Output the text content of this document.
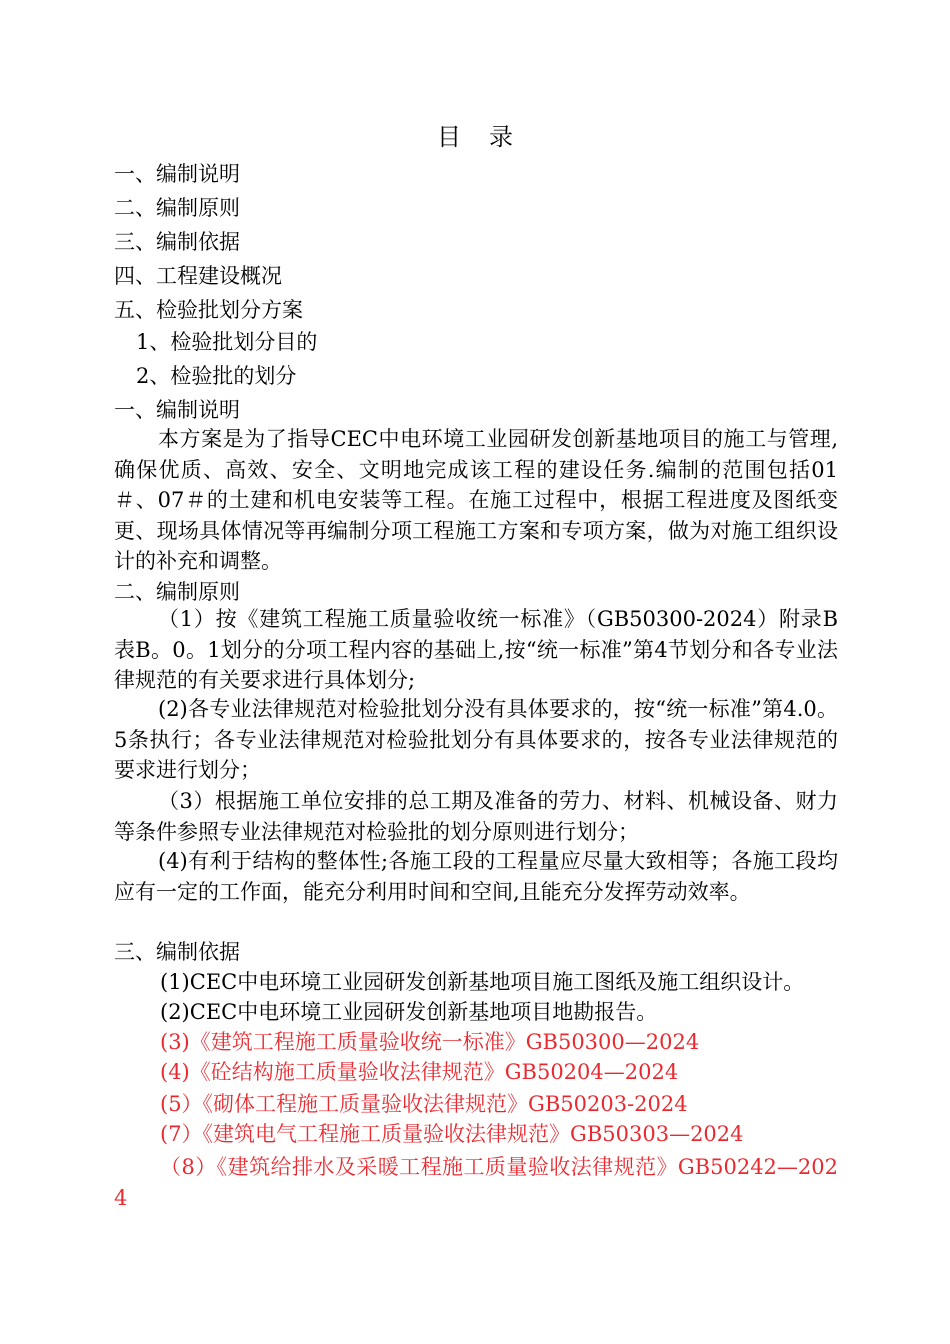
目录
一、编制说明
二、编制原则
三、编制依据
四、工程建设概况
五、检验批划分方案
1、检验批划分目的
2、检验批的划分
一、编制说明
本方案是为了指导CEC中电环境工业园研发创新基地项目的施工与管理,确保优质、高效、安全、文明地完成该工程的建设任务.编制的范围包括01＃、07＃的土建和机电安装等工程。在施工过程中，根据工程进度及图纸变更、现场具体情况等再编制分项工程施工方案和专项方案，做为对施工组织设计的补充和调整。
二、编制原则
（1）按《建筑工程施工质量验收统一标准》（GB50300-2024）附录B表B。0。1划分的分项工程内容的基础上,按“统一标准”第4节划分和各专业法律规范的有关要求进行具体划分;
(2)各专业法律规范对检验批划分没有具体要求的，按“统一标准”第4.0。5条执行；各专业法律规范对检验批划分有具体要求的，按各专业法律规范的要求进行划分；
（3）根据施工单位安排的总工期及准备的劳力、材料、机械设备、财力等条件参照专业法律规范对检验批的划分原则进行划分；
(4)有利于结构的整体性;各施工段的工程量应尽量大致相等；各施工段均应有一定的工作面，能充分利用时间和空间,且能充分发挥劳动效率。
三、编制依据
(1)CEC中电环境工业园研发创新基地项目施工图纸及施工组织设计。
(2)CEC中电环境工业园研发创新基地项目地勘报告。
(3)《建筑工程施工质量验收统一标准》GB50300—2024
(4)《砼结构施工质量验收法律规范》GB50204—2024
(5）《砌体工程施工质量验收法律规范》GB50203-2024
(7）《建筑电气工程施工质量验收法律规范》GB50303—2024
（8）《建筑给排水及采暖工程施工质量验收法律规范》GB50242—2024
